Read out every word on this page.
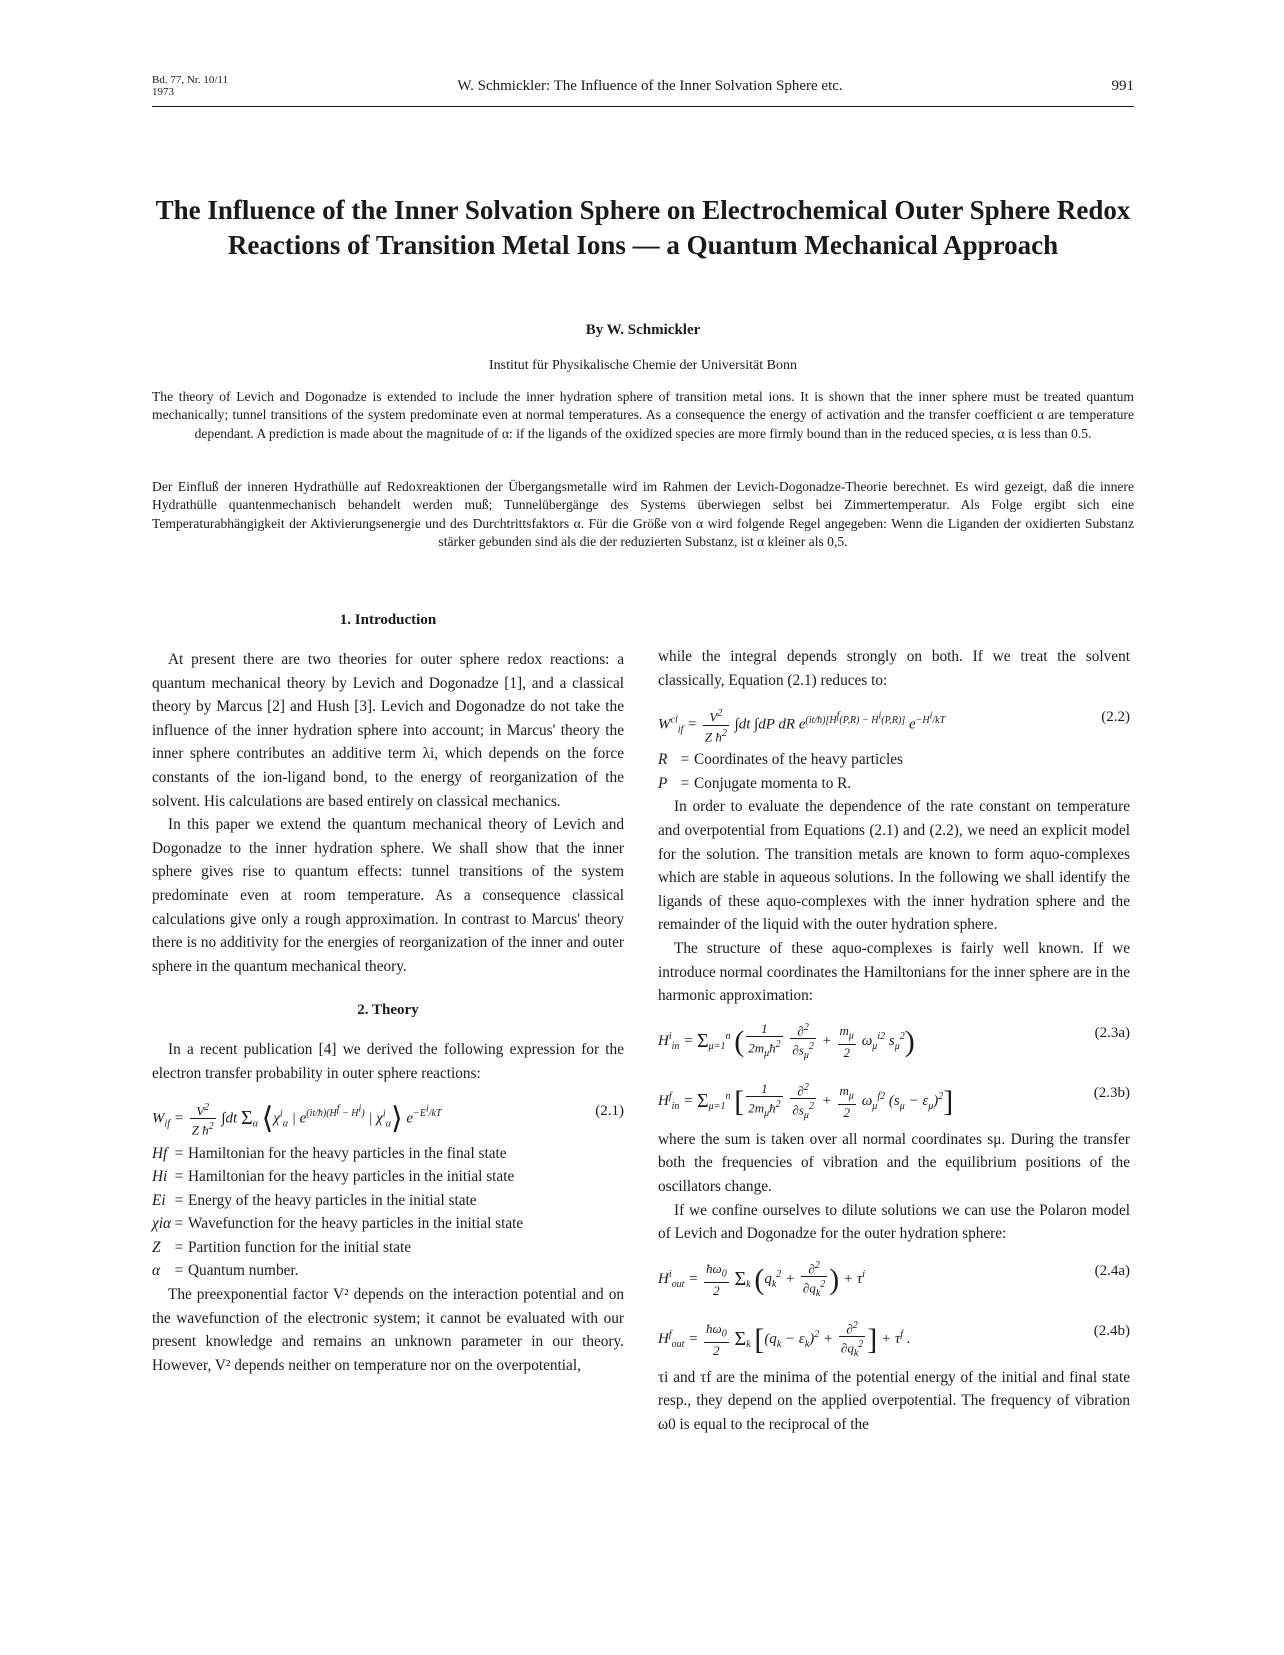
Bd. 77, Nr. 10/11
1973	W. Schmickler: The Influence of the Inner Solvation Sphere etc.	991
The Influence of the Inner Solvation Sphere on Electrochemical Outer Sphere Redox Reactions of Transition Metal Ions — a Quantum Mechanical Approach
By W. Schmickler
Institut für Physikalische Chemie der Universität Bonn

The theory of Levich and Dogonadze is extended to include the inner hydration sphere of transition metal ions. It is shown that the inner sphere must be treated quantum mechanically; tunnel transitions of the system predominate even at normal temperatures. As a consequence the energy of activation and the transfer coefficient α are temperature dependant. A prediction is made about the magnitude of α: if the ligands of the oxidized species are more firmly bound than in the reduced species, α is less than 0.5.

Der Einfluß der inneren Hydrathülle auf Redoxreaktionen der Übergangsmetalle wird im Rahmen der Levich-Dogonadze-Theorie berechnet. Es wird gezeigt, daß die innere Hydrathülle quantenmechanisch behandelt werden muß; Tunnelübergänge des Systems überwiegen selbst bei Zimmertemperatur. Als Folge ergibt sich eine Temperaturabhängigkeit der Aktivierungsenergie und des Durchtrittsfaktors α. Für die Größe von α wird folgende Regel angegeben: Wenn die Liganden der oxidierten Substanz stärker gebunden sind als die der reduzierten Substanz, ist α kleiner als 0,5.

1. Introduction

At present there are two theories for outer sphere redox reactions: a quantum mechanical theory by Levich and Dogonadze [1], and a classical theory by Marcus [2] and Hush [3]. Levich and Dogonadze do not take the influence of the inner hydration sphere into account; in Marcus' theory the inner sphere contributes an additive term λi, which depends on the force constants of the ion-ligand bond, to the energy of reorganization of the solvent. His calculations are based entirely on classical mechanics.

In this paper we extend the quantum mechanical theory of Levich and Dogonadze to the inner hydration sphere. We shall show that the inner sphere gives rise to quantum effects: tunnel transitions of the system predominate even at room temperature. As a consequence classical calculations give only a rough approximation. In contrast to Marcus' theory there is no additivity for the energies of reorganization of the inner and outer sphere in the quantum mechanical theory.

2. Theory

In a recent publication [4] we derived the following expression for the electron transfer probability in outer sphere reactions:

$W_{if} = \frac{V^2}{Z ħ^2} \int dt$ $\Sigma_\alpha$ $⟨\chi^i_\alpha$ | $e^{(it/ħ)(H^f - H^i)}$ | $\chi^i_\alpha⟩$ $e^{-E^i/kT}$	(2.1)
Hf = Hamiltonian for the heavy particles in the final state
Hi = Hamiltonian for the heavy particles in the initial state
Ei = Energy of the heavy particles in the initial state
χiα = Wavefunction for the heavy particles in the initial state
Z = Partition function for the initial state
α = Quantum number.

The preexponential factor V² depends on the interaction potential and on the wavefunction of the electronic system; it cannot be evaluated with our present knowledge and remains an unknown parameter in our theory. However, V² depends neither on temperature nor on the overpotential,

while the integral depends strongly on both. If we treat the solvent classically, Equation (2.1) reduces to:

$W^{cl}_{if} = \frac{V^2}{Z ħ^2} \int dt$ ∫dP dR $e^{(it/ħ)[H^f(P,R) - H^i(P,R)]}$ $e^{-H^i/kT}$	(2.2)
R = Coordinates of the heavy particles
P = Conjugate momenta to R.

In order to evaluate the dependence of the rate constant on temperature and overpotential from Equations (2.1) and (2.2), we need an explicit model for the solution. The transition metals are known to form aquo-complexes which are stable in aqueous solutions. In the following we shall identify the ligands of these aquo-complexes with the inner hydration sphere and the remainder of the liquid with the outer hydration sphere.

The structure of these aquo-complexes is fairly well known. If we introduce normal coordinates the Hamiltonians for the inner sphere are in the harmonic approximation:

$H^i_{in} = \Sigma_{\mu=1}^n$ ( $\frac{1}{2m_\mu ħ^2}$
$\frac{\partial^2}{\partial s_\mu^2} + \frac{m_\mu}{2} \omega_\mu^{i2}$ $s_\mu^2$)	(2.3a)
$H^f_{in} = \Sigma_{\mu=1}^n$ [ $\frac{1}{2m_\mu ħ^2}$
$\frac{\partial^2}{\partial s_\mu^2} + \frac{m_\mu}{2} \omega_\mu^{f2}$ $(s_\mu - \varepsilon_\mu)^2$]	(2.3b)

where the sum is taken over all normal coordinates sμ. During the transfer both the frequencies of vibration and the equilibrium positions of the oscillators change.

If we confine ourselves to dilute solutions we can use the Polaron model of Levich and Dogonadze for the outer hydration sphere:

$H^i_{out} = \frac{ħ\omega_0}{2} \Sigma_k$ ($q_k^2 + \frac{\partial^2}{\partial q_k^2}$ ) + $\tau^i$	(2.4a)
$H^f_{out} = \frac{ħ\omega_0}{2} \Sigma_k$ [$(q_k - \varepsilon_k)^2 + \frac{\partial^2}{\partial q_k^2}$ ] + $\tau^f$ .
(2.4b)

τi and τf are the minima of the potential energy of the initial and final state resp., they depend on the applied overpotential. The frequency of vibration ω0 is equal to the reciprocal of the
